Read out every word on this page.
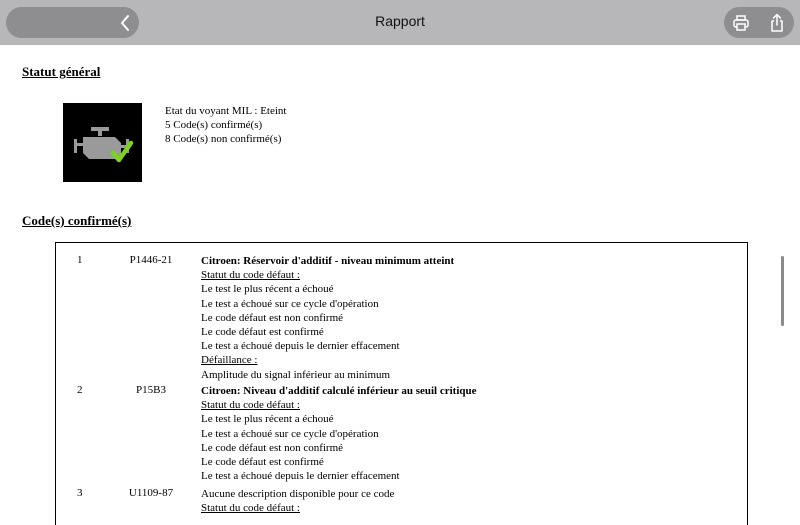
Rapport
Statut général
Etat du voyant MIL : Eteint
5 Code(s) confirmé(s)
8 Code(s) non confirmé(s)
Code(s) confirmé(s)
1	P1446-21	Citroen: Réservoir d'additif - niveau minimum atteint
Statut du code défaut :
Le test le plus récent a échoué
Le test a échoué sur ce cycle d'opération
Le code défaut est non confirmé
Le code défaut est confirmé
Le test a échoué depuis le dernier effacement
Défaillance :
Amplitude du signal inférieur au minimum
2	P15B3	Citroen: Niveau d'additif calculé inférieur au seuil critique
Statut du code défaut :
Le test le plus récent a échoué
Le test a échoué sur ce cycle d'opération
Le code défaut est non confirmé
Le code défaut est confirmé
Le test a échoué depuis le dernier effacement
3	U1109-87	Aucune description disponible pour ce code
Statut du code défaut :
